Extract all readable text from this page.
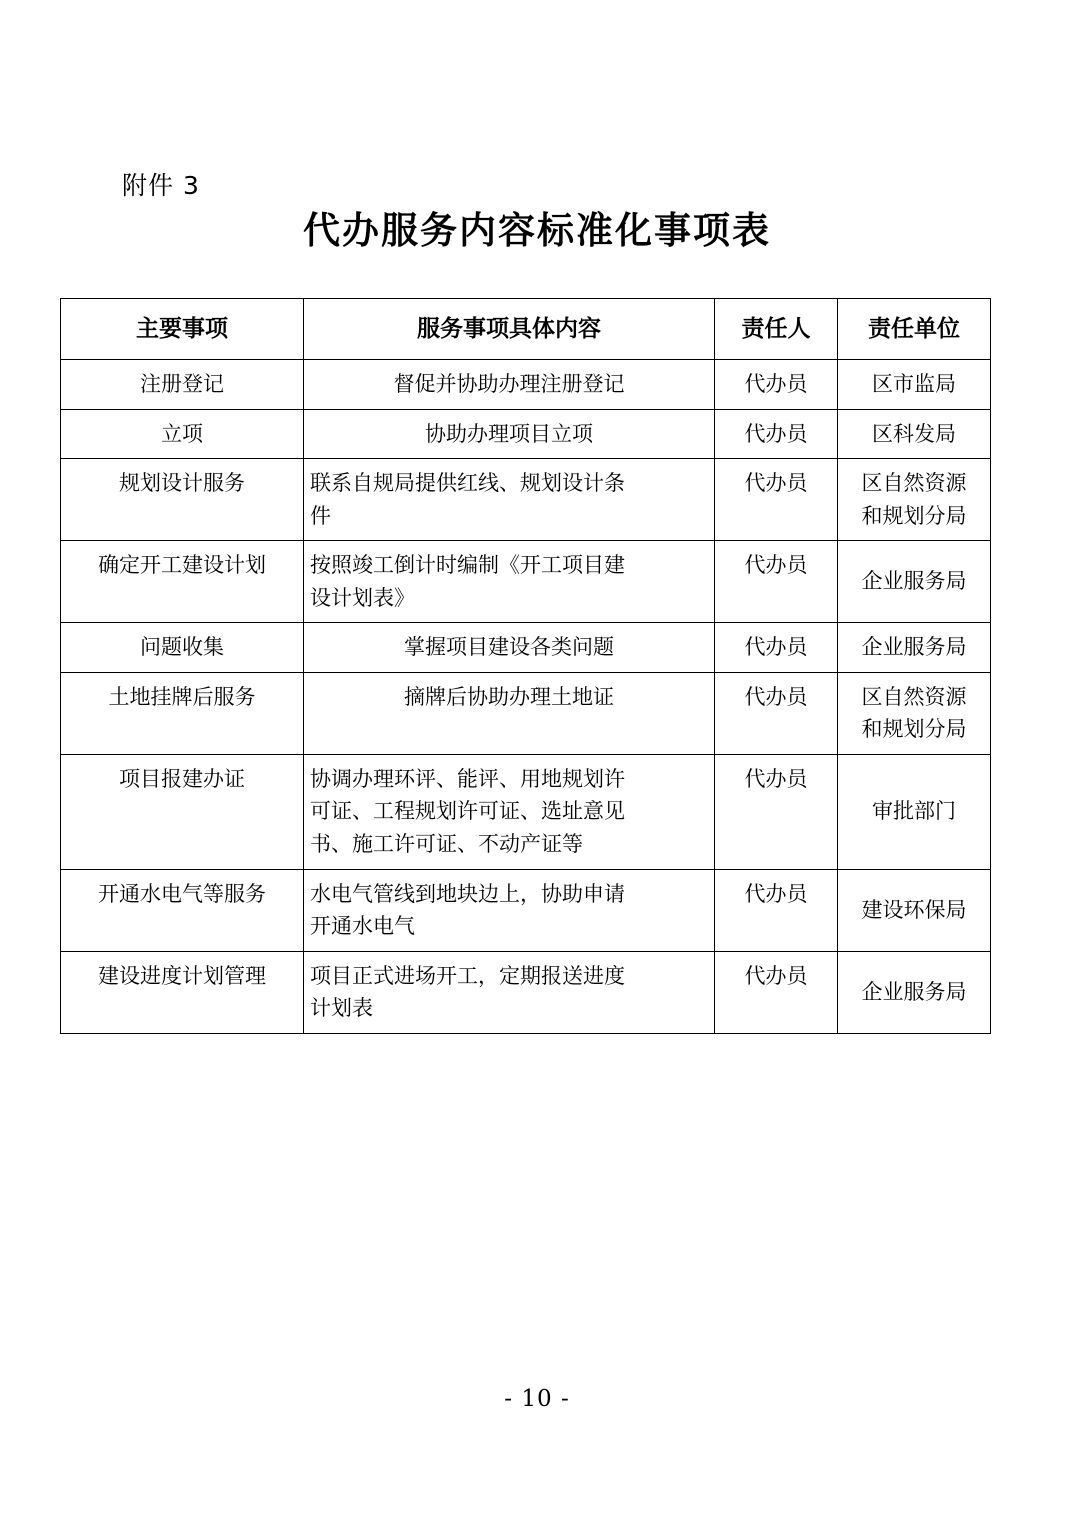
附件 3
代办服务内容标准化事项表
主要事项	服务事项具体内容	责任人	责任单位
注册登记	督促并协助办理注册登记	代办员	区市监局

立项	协助办理项目立项	代办员	区科发局

规划设计服务	联系自规局提供红线、规划设计条
件	代办员	区自然资源
和规划分局

确定开工建设计划	按照竣工倒计时编制《开工项目建
设计划表》	代办员	企业服务局

问题收集	掌握项目建设各类问题	代办员	企业服务局

土地挂牌后服务	摘牌后协助办理土地证	代办员	区自然资源
和规划分局

项目报建办证	协调办理环评、能评、用地规划许
可证、工程规划许可证、选址意见
书、施工许可证、不动产证等	代办员	审批部门

开通水电气等服务	水电气管线到地块边上，协助申请
开通水电气	代办员	建设环保局

建设进度计划管理	项目正式进场开工，定期报送进度
计划表	代办员	企业服务局
- 10 -
